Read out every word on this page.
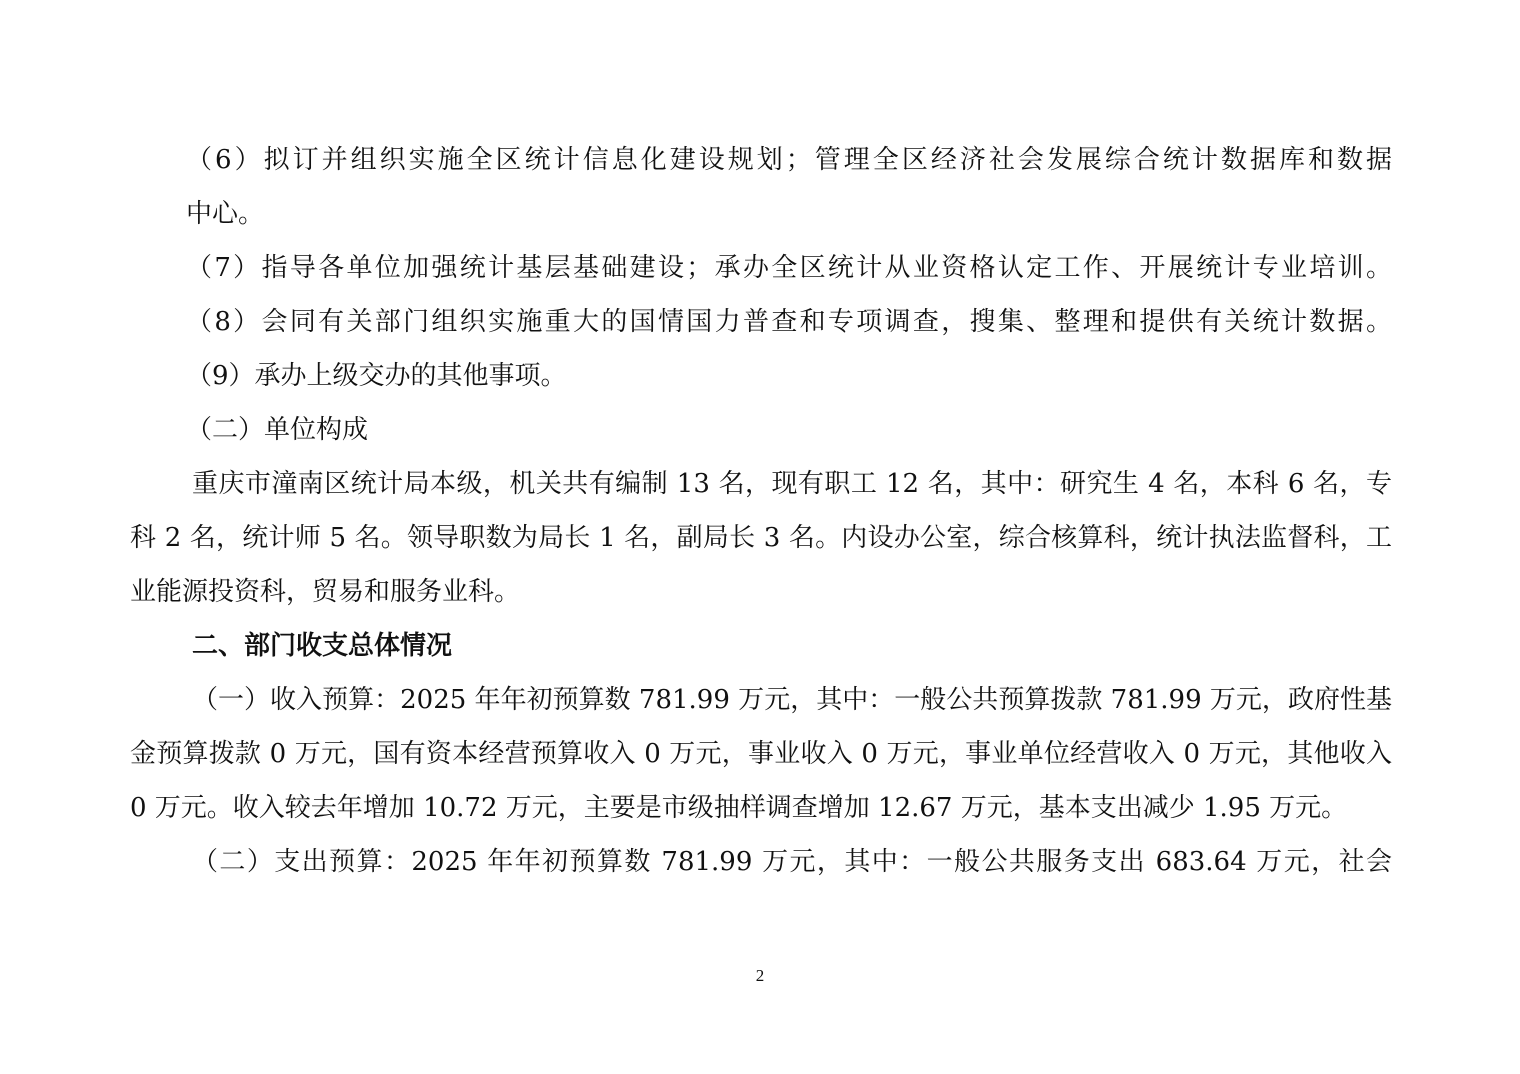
（6）拟订并组织实施全区统计信息化建设规划；管理全区经济社会发展综合统计数据库和数据

中心。

（7）指导各单位加强统计基层基础建设；承办全区统计从业资格认定工作、开展统计专业培训。

（8）会同有关部门组织实施重大的国情国力普查和专项调查，搜集、整理和提供有关统计数据。

（9）承办上级交办的其他事项。

（二）单位构成

重庆市潼南区统计局本级，机关共有编制 13 名，现有职工 12 名，其中：研究生 4 名，本科 6 名，专科 2 名，统计师 5 名。领导职数为局长 1 名，副局长 3 名。内设办公室，综合核算科，统计执法监督科，工业能源投资科，贸易和服务业科。

二、部门收支总体情况

（一）收入预算：2025 年年初预算数 781.99 万元，其中：一般公共预算拨款 781.99 万元，政府性基金预算拨款 0 万元，国有资本经营预算收入 0 万元，事业收入 0 万元，事业单位经营收入 0 万元，其他收入 0 万元。收入较去年增加 10.72 万元，主要是市级抽样调查增加 12.67 万元，基本支出减少 1.95 万元。

（二）支出预算：2025 年年初预算数 781.99 万元，其中：一般公共服务支出 683.64 万元，社会

2
